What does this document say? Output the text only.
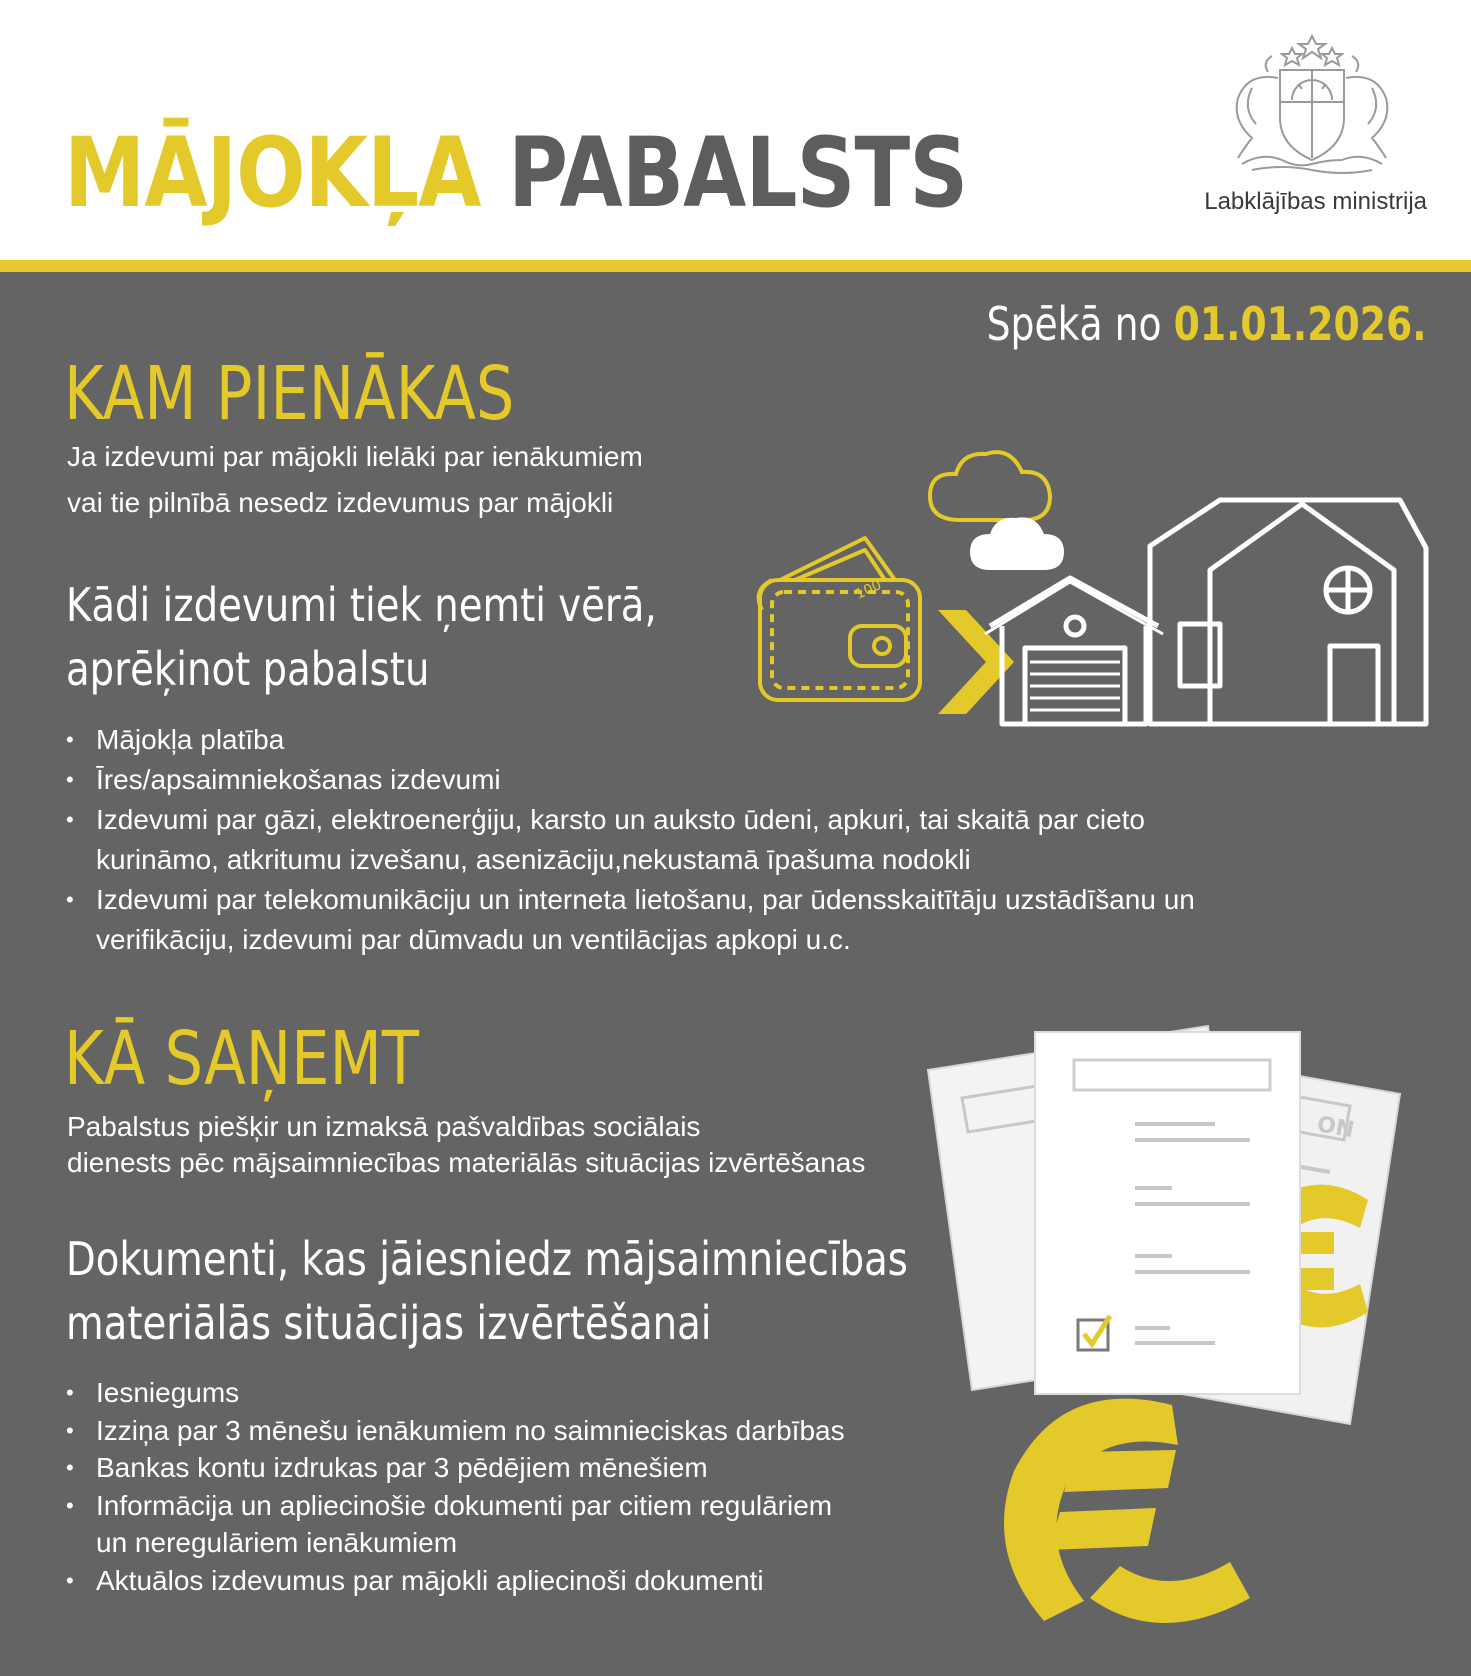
MĀJOKĻA PABALSTS	Labklājības ministrija
Spēkā no 01.01.2026.
KAM PIENĀKAS
Ja izdevumi par mājokli lielāki par ienākumiem
vai tie pilnībā nesedz izdevumus par mājokli
Kādi izdevumi tiek ņemti vērā,
aprēķinot pabalstu
• Mājokļa platība
• Īres/apsaimniekošanas izdevumi
• Izdevumi par gāzi, elektroenerģiju, karsto un auksto ūdeni, apkuri, tai skaitā par cieto
kurināmo, atkritumu izvešanu, asenizāciju,nekustamā īpašuma nodokli
• Izdevumi par telekomunikāciju un interneta lietošanu, par ūdensskaitītāju uzstādīšanu un
verifikāciju, izdevumi par dūmvadu un ventilācijas apkopi u.c.
100
KĀ SAŅEMT
Pabalstus piešķir un izmaksā pašvaldības sociālais
dienests pēc mājsaimniecības materiālās situācijas izvērtēšanas
Dokumenti, kas jāiesniedz mājsaimniecības
materiālās situācijas izvērtēšanai
• Iesniegums
• Izziņa par 3 mēnešu ienākumiem no saimnieciskas darbības
• Bankas kontu izdrukas par 3 pēdējiem mēnešiem
• Informācija un apliecinošie dokumenti par citiem regulāriem
un neregulāriem ienākumiem
• Aktuālos izdevumus par mājokli apliecinoši dokumenti
ON
